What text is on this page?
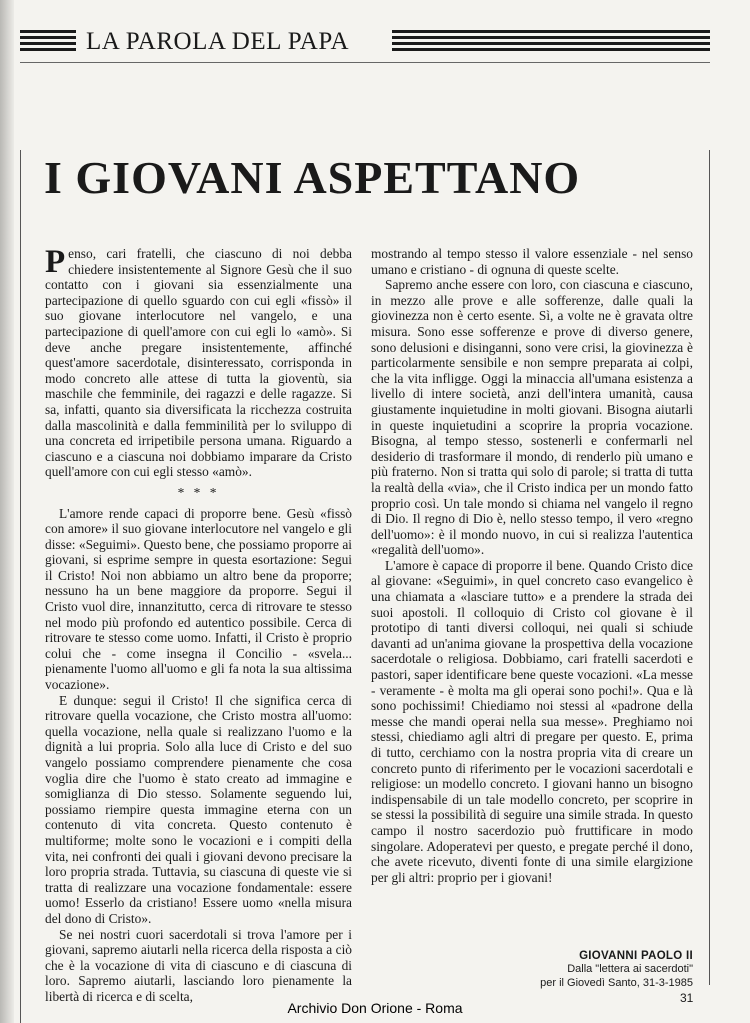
LA PAROLA DEL PAPA
I GIOVANI ASPETTANO

Penso, cari fratelli, che ciascuno di noi debba chiedere insistentemente al Signore Gesù che il suo contatto con i giovani sia essenzialmente una partecipazione di quello sguardo con cui egli «fissò» il suo giovane interlocutore nel vangelo, e una partecipazione di quell'amore con cui egli lo «amò». Si deve anche pregare insistentemente, affinché quest'amore sacerdotale, disinteressato, corrisponda in modo concreto alle attese di tutta la gioventù, sia maschile che femminile, dei ragazzi e delle ragazze. Si sa, infatti, quanto sia diversificata la ricchezza costruita dalla mascolinità e dalla femminilità per lo sviluppo di una concreta ed irripetibile persona umana. Riguardo a ciascuno e a ciascuna noi dobbiamo imparare da Cristo quell'amore con cui egli stesso «amò».

* * *

L'amore rende capaci di proporre bene. Gesù «fissò con amore» il suo giovane interlocutore nel vangelo e gli disse: «Seguimi». Questo bene, che possiamo proporre ai giovani, si esprime sempre in questa esortazione: Segui il Cristo! Noi non abbiamo un altro bene da proporre; nessuno ha un bene maggiore da proporre. Segui il Cristo vuol dire, innanzitutto, cerca di ritrovare te stesso nel modo più profondo ed autentico possibile. Cerca di ritrovare te stesso come uomo. Infatti, il Cristo è proprio colui che - come insegna il Concilio - «svela... pienamente l'uomo all'uomo e gli fa nota la sua altissima vocazione».

E dunque: segui il Cristo! Il che significa cerca di ritrovare quella vocazione, che Cristo mostra all'uomo: quella vocazione, nella quale si realizzano l'uomo e la dignità a lui propria. Solo alla luce di Cristo e del suo vangelo possiamo comprendere pienamente che cosa voglia dire che l'uomo è stato creato ad immagine e somiglianza di Dio stesso. Solamente seguendo lui, possiamo riempire questa immagine eterna con un contenuto di vita concreta. Questo contenuto è multiforme; molte sono le vocazioni e i compiti della vita, nei confronti dei quali i giovani devono precisare la loro propria strada. Tuttavia, su ciascuna di queste vie si tratta di realizzare una vocazione fondamentale: essere uomo! Esserlo da cristiano! Essere uomo «nella misura del dono di Cristo».

Se nei nostri cuori sacerdotali si trova l'amore per i giovani, sapremo aiutarli nella ricerca della risposta a ciò che è la vocazione di vita di ciascuno e di ciascuna di loro. Sapremo aiutarli, lasciando loro pienamente la libertà di ricerca e di scelta,

mostrando al tempo stesso il valore essenziale - nel senso umano e cristiano - di ognuna di queste scelte.

Sapremo anche essere con loro, con ciascuna e ciascuno, in mezzo alle prove e alle sofferenze, dalle quali la giovinezza non è certo esente. Sì, a volte ne è gravata oltre misura. Sono esse sofferenze e prove di diverso genere, sono delusioni e disinganni, sono vere crisi, la giovinezza è particolarmente sensibile e non sempre preparata ai colpi, che la vita infligge. Oggi la minaccia all'umana esistenza a livello di intere società, anzi dell'intera umanità, causa giustamente inquietudine in molti giovani. Bisogna aiutarli in queste inquietudini a scoprire la propria vocazione. Bisogna, al tempo stesso, sostenerli e confermarli nel desiderio di trasformare il mondo, di renderlo più umano e più fraterno. Non si tratta qui solo di parole; si tratta di tutta la realtà della «via», che il Cristo indica per un mondo fatto proprio così. Un tale mondo si chiama nel vangelo il regno di Dio. Il regno di Dio è, nello stesso tempo, il vero «regno dell'uomo»: è il mondo nuovo, in cui si realizza l'autentica «regalità dell'uomo».

L'amore è capace di proporre il bene. Quando Cristo dice al giovane: «Seguimi», in quel concreto caso evangelico è una chiamata a «lasciare tutto» e a prendere la strada dei suoi apostoli. Il colloquio di Cristo col giovane è il prototipo di tanti diversi colloqui, nei quali si schiude davanti ad un'anima giovane la prospettiva della vocazione sacerdotale o religiosa. Dobbiamo, cari fratelli sacerdoti e pastori, saper identificare bene queste vocazioni. «La messe - veramente - è molta ma gli operai sono pochi!». Qua e là sono pochissimi! Chiediamo noi stessi al «padrone della messe che mandi operai nella sua messe». Preghiamo noi stessi, chiediamo agli altri di pregare per questo. E, prima di tutto, cerchiamo con la nostra propria vita di creare un concreto punto di riferimento per le vocazioni sacerdotali e religiose: un modello concreto. I giovani hanno un bisogno indispensabile di un tale modello concreto, per scoprire in se stessi la possibilità di seguire una simile strada. In questo campo il nostro sacerdozio può fruttificare in modo singolare. Adoperatevi per questo, e pregate perché il dono, che avete ricevuto, diventi fonte di una simile elargizione per gli altri: proprio per i giovani!

GIOVANNI PAOLO II
Dalla "lettera ai sacerdoti"
per il Giovedì Santo, 31-3-1985
31
Archivio Don Orione - Roma
